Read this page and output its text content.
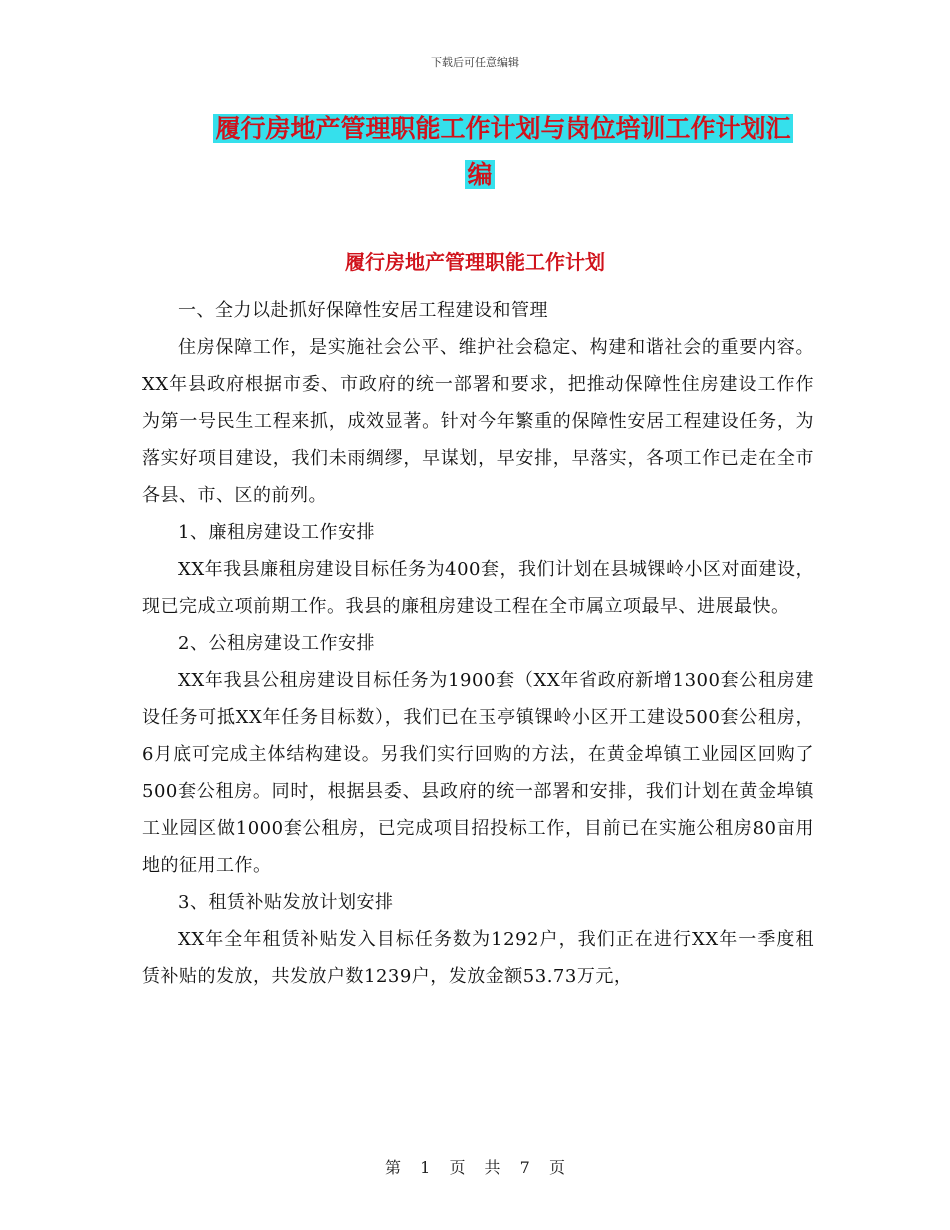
下载后可任意编辑
履行房地产管理职能工作计划与岗位培训工作计划汇
编
履行房地产管理职能工作计划

一、全力以赴抓好保障性安居工程建设和管理

住房保障工作，是实施社会公平、维护社会稳定、构建和谐社会的重要内容。XX年县政府根据市委、市政府的统一部署和要求，把推动保障性住房建设工作作为第一号民生工程来抓，成效显著。针对今年繁重的保障性安居工程建设任务，为落实好项目建设，我们未雨绸缪，早谋划，早安排，早落实，各项工作已走在全市各县、市、区的前列。

1、廉租房建设工作安排

XX年我县廉租房建设目标任务为400套，我们计划在县城锞岭小区对面建设，现已完成立项前期工作。我县的廉租房建设工程在全市属立项最早、进展最快。

2、公租房建设工作安排

XX年我县公租房建设目标任务为1900套（XX年省政府新增1300套公租房建设任务可抵XX年任务目标数），我们已在玉亭镇锞岭小区开工建设500套公租房，6月底可完成主体结构建设。另我们实行回购的方法，在黄金埠镇工业园区回购了500套公租房。同时，根据县委、县政府的统一部署和安排，我们计划在黄金埠镇工业园区做1000套公租房，已完成项目招投标工作，目前已在实施公租房80亩用地的征用工作。

3、租赁补贴发放计划安排

XX年全年租赁补贴发入目标任务数为1292户，我们正在进行XX年一季度租赁补贴的发放，共发放户数1239户，发放金额53.73万元，

第 1 页 共 7 页
